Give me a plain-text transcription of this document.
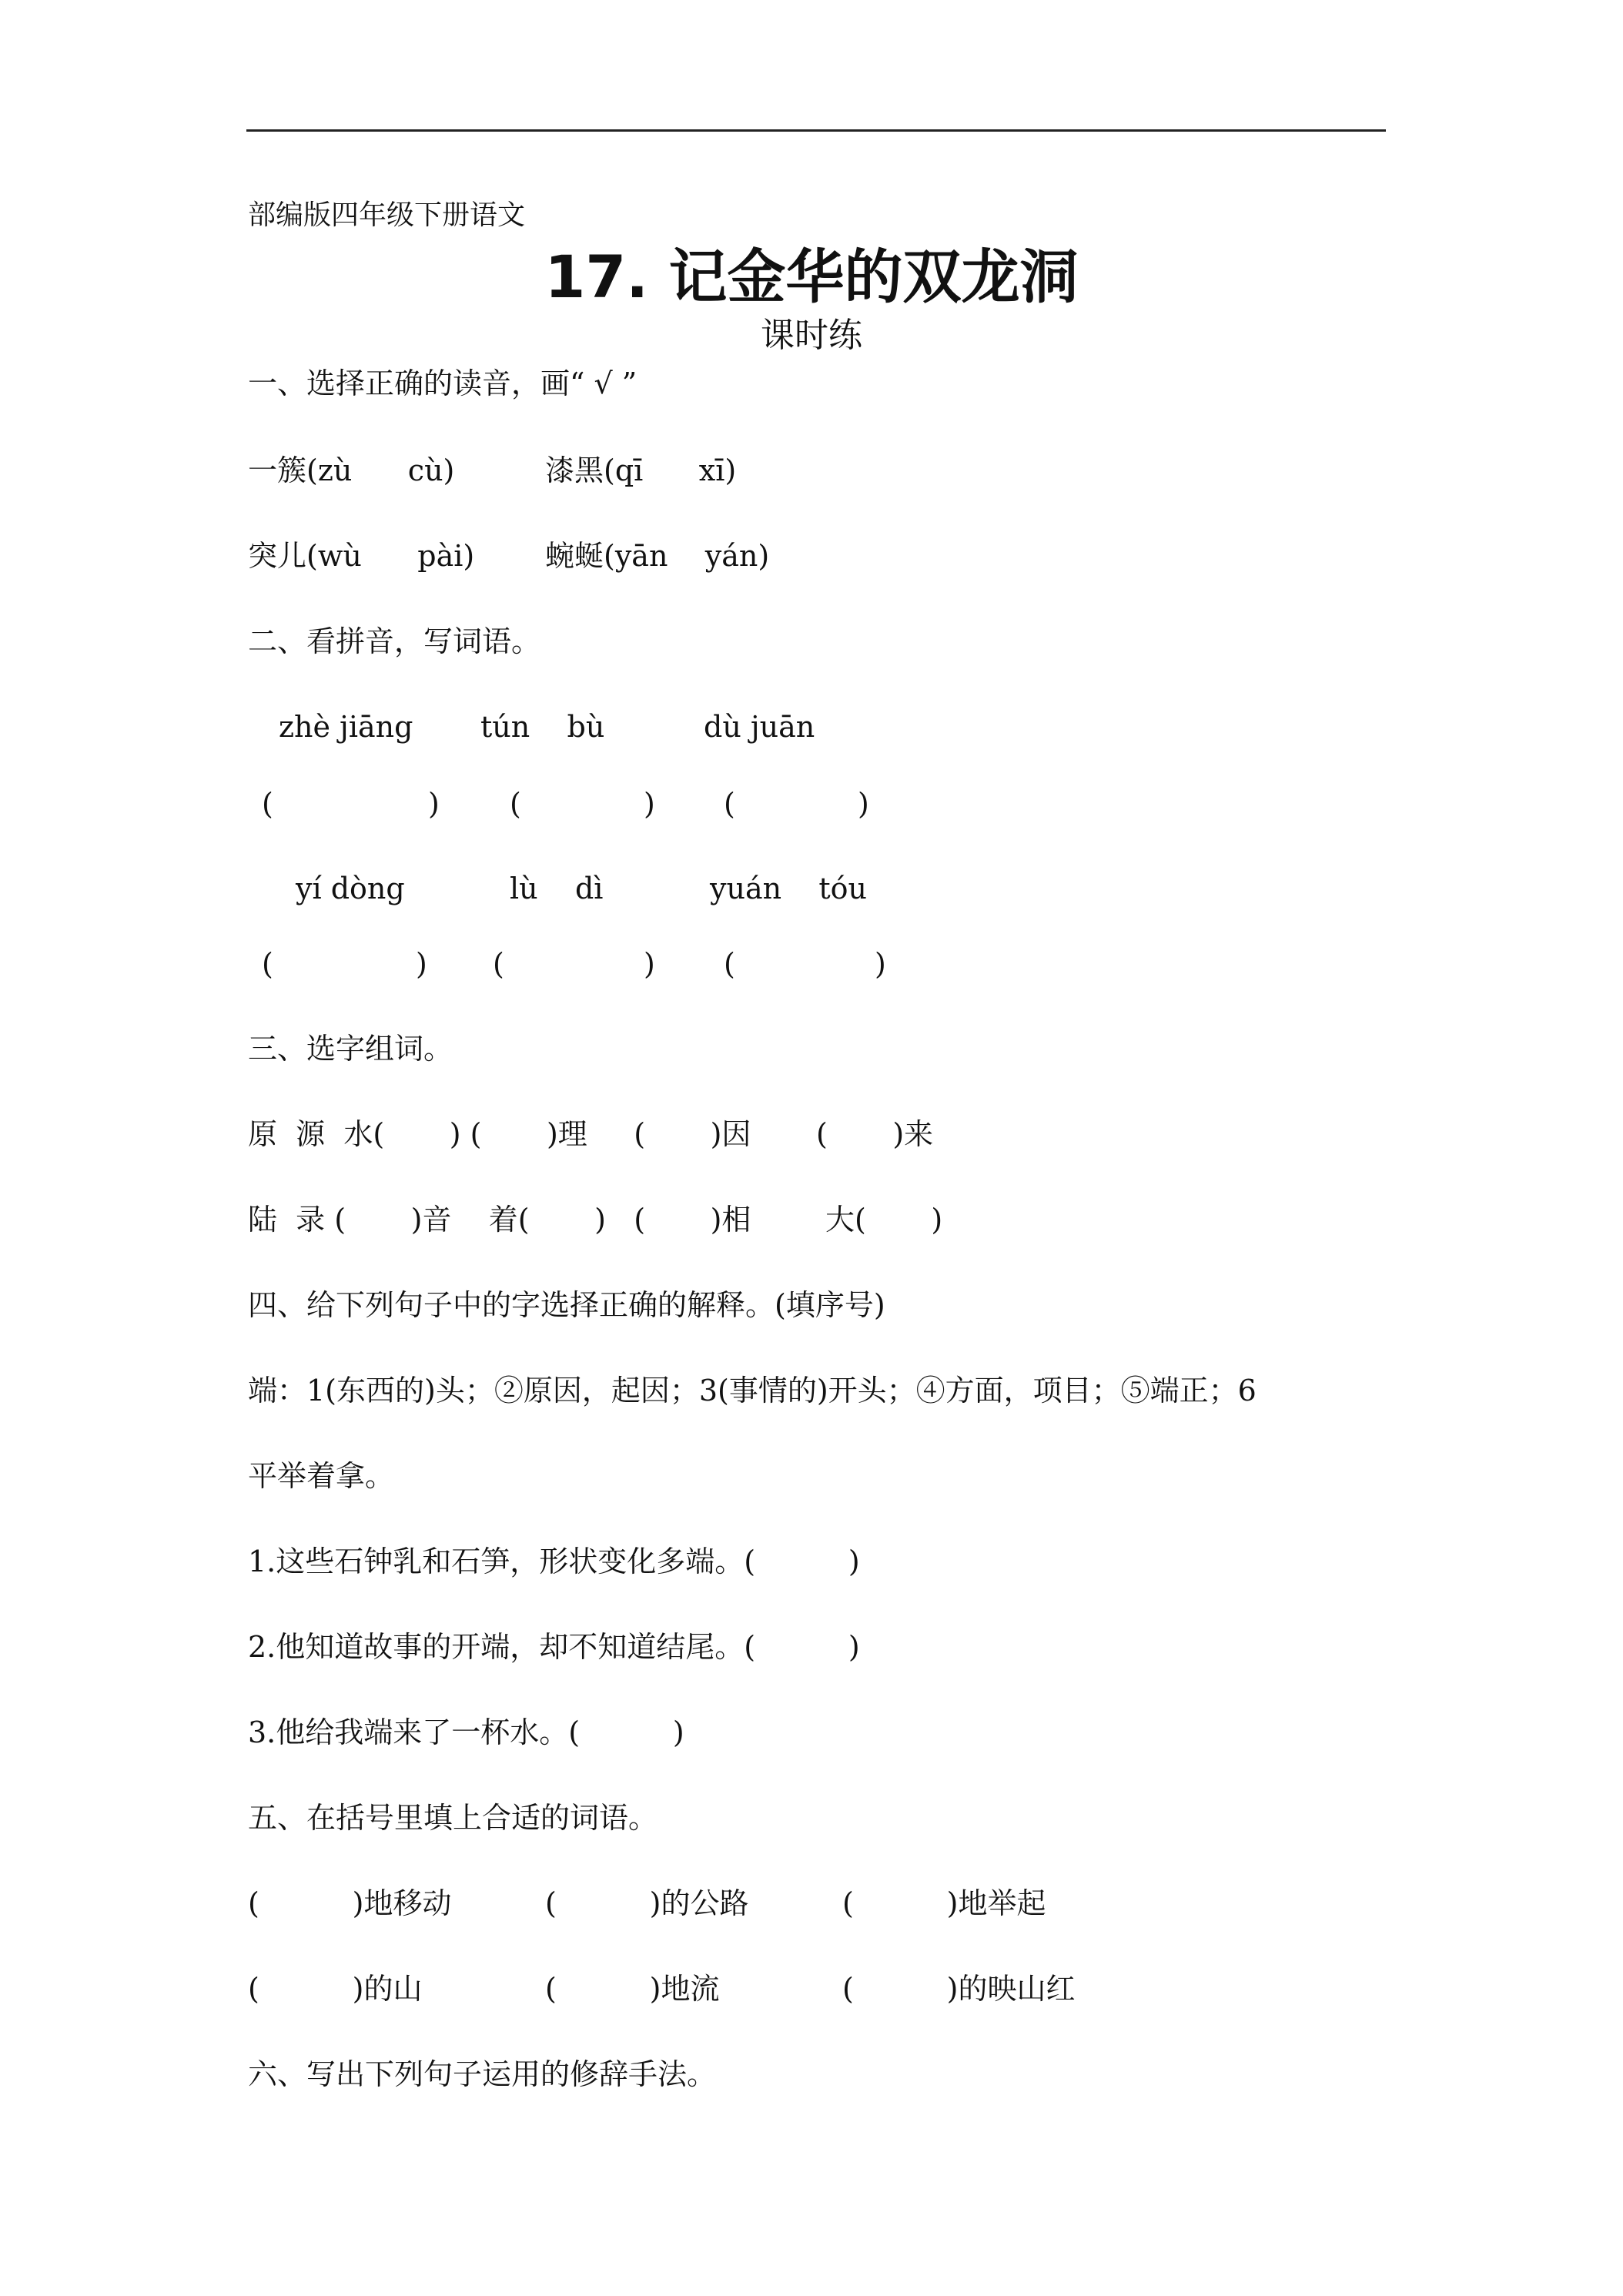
部编版四年级下册语文
17. 记金华的双龙洞
课时练
一、选择正确的读音，画“ √ ”
一簇(zù      cù)	漆黑(qī      xī)
突儿(wù      pài) 蜿蜒(yān    yán)
二、看拼音，写词语。
zhè jiāng tún    bù	dù juān
(	) (	) (	)
yí dòng	lù    dì	yuán    tóu
(	) (	) (	)
三、选字组词。
原  源  水(       ) (       )理     (       )因       (       )来
陆  录 (       )音    着(       )   (       )相        大(       )
四、给下列句子中的字选择正确的解释。(填序号)
端：1(东西的)头；②原因，起因；3(事情的)开头；④方面，项目；⑤端正；6
平举着拿。
1.这些石钟乳和石笋，形状变化多端。(          )
2.他知道故事的开端，却不知道结尾。(          )
3.他给我端来了一杯水。(          )
五、在括号里填上合适的词语。
(          )地移动	(          )的公路	(          )地举起
(          )的山	(          )地流	(          )的映山红
六、写出下列句子运用的修辞手法。
